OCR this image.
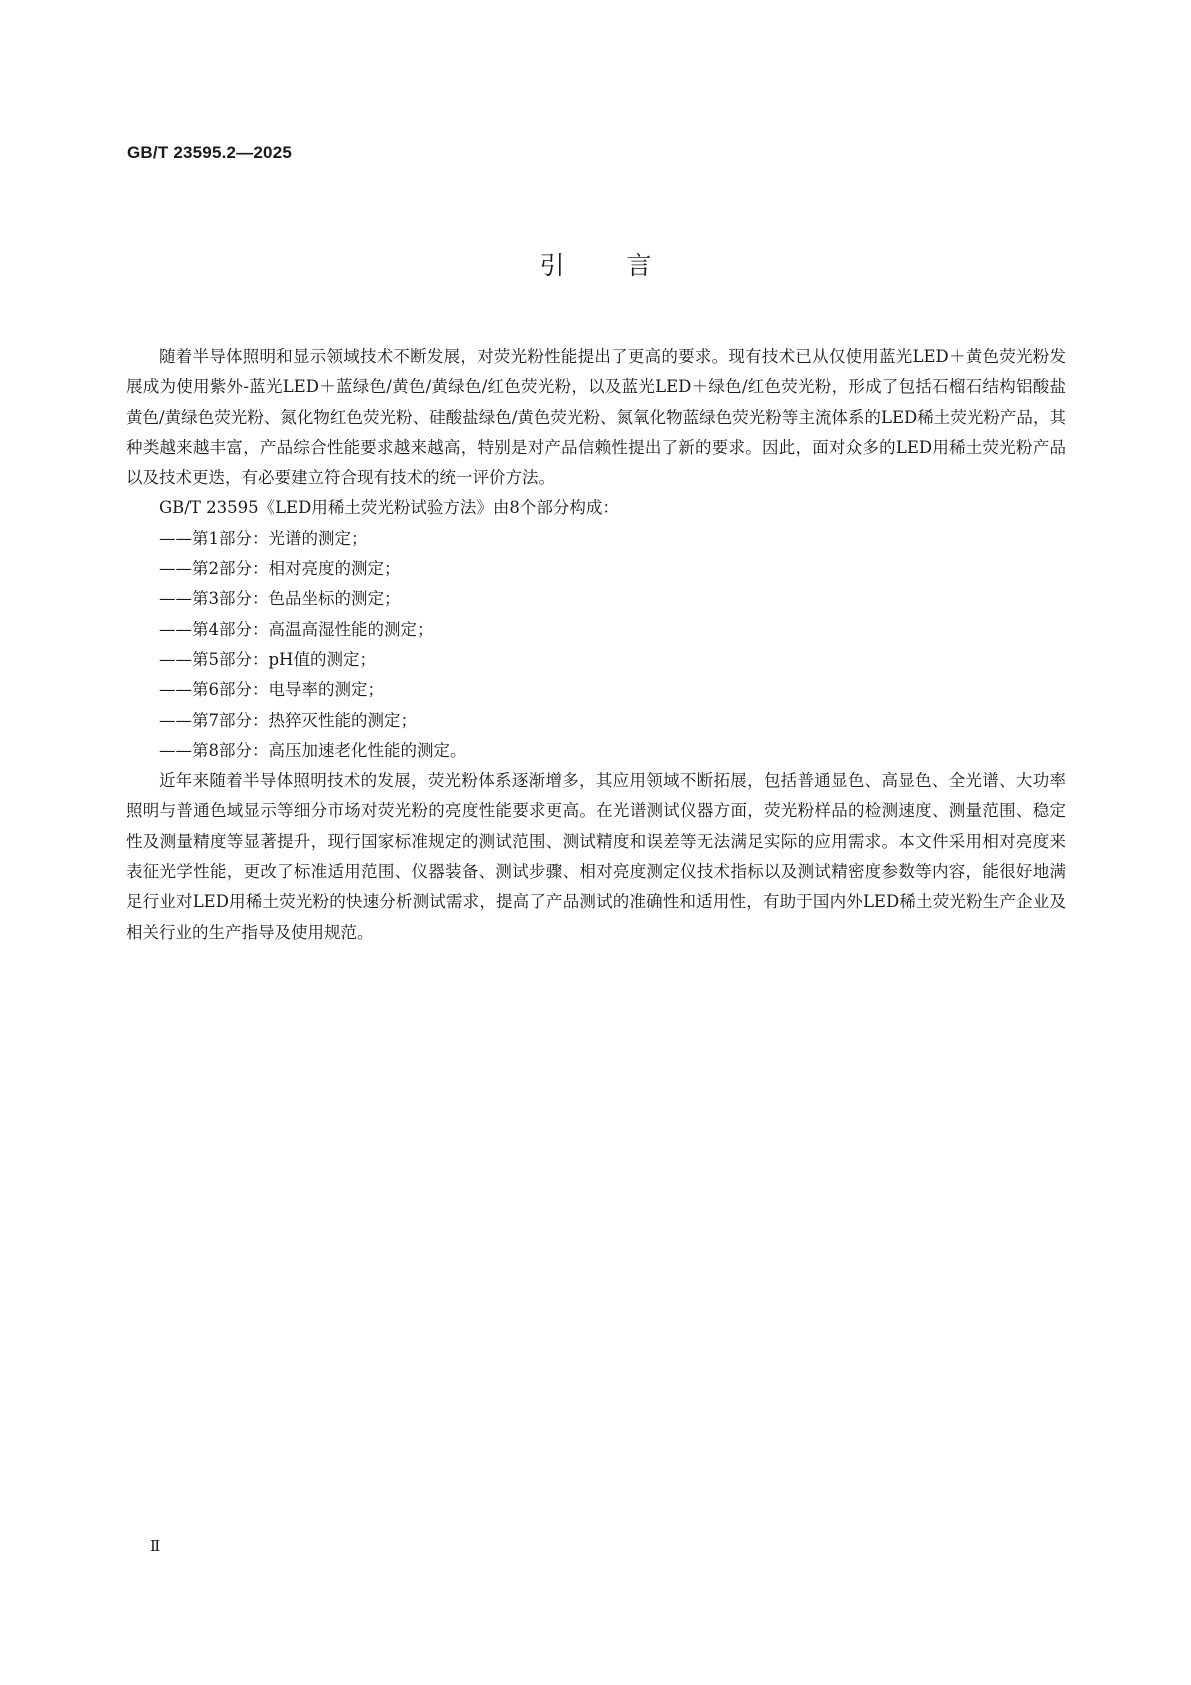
GB/T 23595.2—2025
引言

随着半导体照明和显示领域技术不断发展，对荧光粉性能提出了更高的要求。现有技术已从仅使用蓝光LED＋黄色荧光粉发展成为使用紫外-蓝光LED＋蓝绿色/黄色/黄绿色/红色荧光粉，以及蓝光LED＋绿色/红色荧光粉，形成了包括石榴石结构铝酸盐黄色/黄绿色荧光粉、氮化物红色荧光粉、硅酸盐绿色/黄色荧光粉、氮氧化物蓝绿色荧光粉等主流体系的LED稀土荧光粉产品，其种类越来越丰富，产品综合性能要求越来越高，特别是对产品信赖性提出了新的要求。因此，面对众多的LED用稀土荧光粉产品以及技术更迭，有必要建立符合现有技术的统一评价方法。

GB/T 23595《LED用稀土荧光粉试验方法》由8个部分构成：

——第1部分：光谱的测定；
——第2部分：相对亮度的测定；
——第3部分：色品坐标的测定；
——第4部分：高温高湿性能的测定；
——第5部分：pH值的测定；
——第6部分：电导率的测定；
——第7部分：热猝灭性能的测定；
——第8部分：高压加速老化性能的测定。

近年来随着半导体照明技术的发展，荧光粉体系逐渐增多，其应用领域不断拓展，包括普通显色、高显色、全光谱、大功率照明与普通色域显示等细分市场对荧光粉的亮度性能要求更高。在光谱测试仪器方面，荧光粉样品的检测速度、测量范围、稳定性及测量精度等显著提升，现行国家标准规定的测试范围、测试精度和误差等无法满足实际的应用需求。本文件采用相对亮度来表征光学性能，更改了标准适用范围、仪器装备、测试步骤、相对亮度测定仪技术指标以及测试精密度参数等内容，能很好地满足行业对LED用稀土荧光粉的快速分析测试需求，提高了产品测试的准确性和适用性，有助于国内外LED稀土荧光粉生产企业及相关行业的生产指导及使用规范。

Ⅱ
